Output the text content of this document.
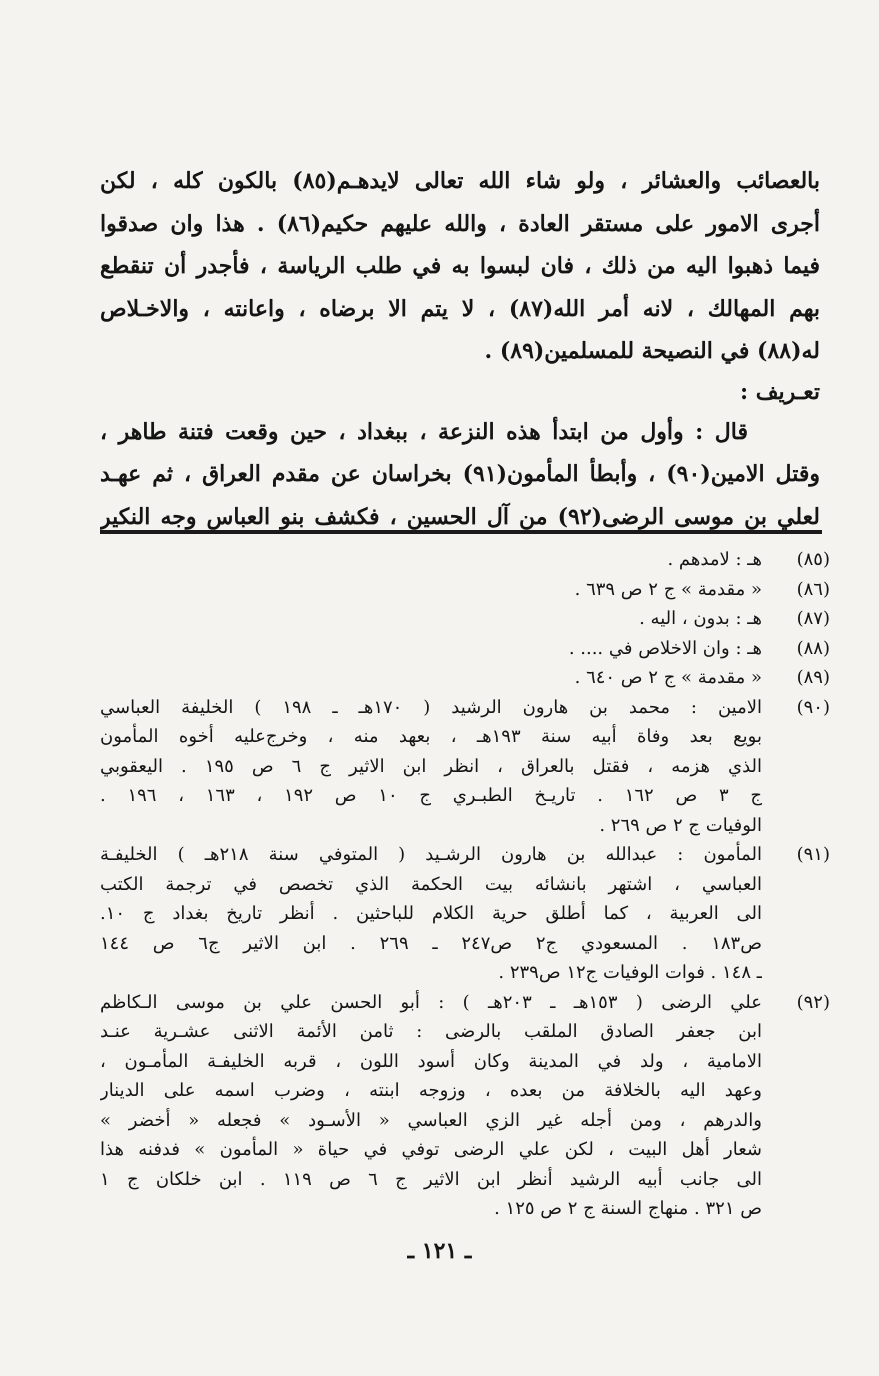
بالعصائب والعشائر ، ولو شاء الله تعالى لايدهـم(٨٥) بالكون كله ، لكن
أجرى الامور على مستقر العادة ، والله عليهم حكيم(٨٦) . هذا وان صدقوا
فيما ذهبوا اليه من ذلك ، فان لبسوا به في طلب الرياسة ، فأجدر أن تنقطع
بهم المهالك ، لانه أمر الله(٨٧) ، لا يتم الا برضاه ، واعانته ، والاخـلاص
له(٨٨) في النصيحة للمسلمين(٨٩) .
تعـريف :
قال : وأول من ابتدأ هذه النزعة ، ببغداد ، حين وقعت فتنة طاهر ،
وقتل الامين(٩٠) ، وأبطأ المأمون(٩١) بخراسان عن مقدم العراق ، ثم عهـد
لعلي بن موسى الرضى(٩٢) من آل الحسين ، فكشف بنو العباس وجه النكير
(٨٥)
هـ : لامدهم .
(٨٦)
« مقدمة » ج ٢ ص ٦٣٩ .
(٨٧)
هـ : بدون ، اليه .
(٨٨)
هـ : وان الاخلاص في .... .
(٨٩)
« مقدمة » ج ٢ ص ٦٤٠ .
(٩٠)
الامين : محمد بن هارون الرشيد ( ١٧٠هـ ـ ١٩٨ ) الخليفة العباسي
بويع بعد وفاة أبيه سنة ١٩٣هـ ، بعهد منه ، وخرج‌عليه أخوه المأمون
الذي هزمه ، فقتل بالعراق ، انظر ابن الاثير ج ٦ ص ١٩٥ . اليعقوبي
ج ٣ ص ١٦٢ . تاريـخ الطبـري ج ١٠ ص ١٩٢ ، ١٦٣ ، ١٩٦ .
الوفيات ج ٢ ص ٢٦٩ .
(٩١)
المأمون : عبدالله بن هارون الرشـيد ( المتوفي سنة ٢١٨هـ ) الخليفـة
العباسي ، اشتهر بانشائه بيت الحكمة الذي تخصص في ترجمة الكتب
الى العربية ، كما أطلق حرية الكلام للباحثين . أنظر تاريخ بغداد ج ١٠.
ص١٨٣ . المسعودي ج٢ ص٢٤٧ ـ ٢٦٩ . ابن الاثير ج٦ ص ١٤٤
ـ ١٤٨ . فوات الوفيات ج١٢ ص٢٣٩ .
(٩٢)
علي الرضى ( ١٥٣هـ ـ ٢٠٣هـ ) : أبو الحسن علي بن موسى الـكاظم
ابن جعفر الصادق الملقب بالرضى : ثامن الأئمة الاثنى عشـرية عنـد
الامامية ، ولد في المدينة وكان أسود اللون ، قربه الخليفـة المأمـون ،
وعهد اليه بالخلافة من بعده ، وزوجه ابنته ، وضرب اسمه على الدينار
والدرهم ، ومن أجله غير الزي العباسي « الأسـود » فجعله « أخضر »
شعار أهل البيت ، لكن علي الرضى توفي في حياة « المأمون » فدفنه هذا
الى جانب أبيه الرشيد أنظر ابن الاثير ج ٦ ص ١١٩ . ابن خلكان ج ١
ص ٣٢١ . منهاج السنة ج ٢ ص ١٢٥ .
ـ ١٢١ ـ
